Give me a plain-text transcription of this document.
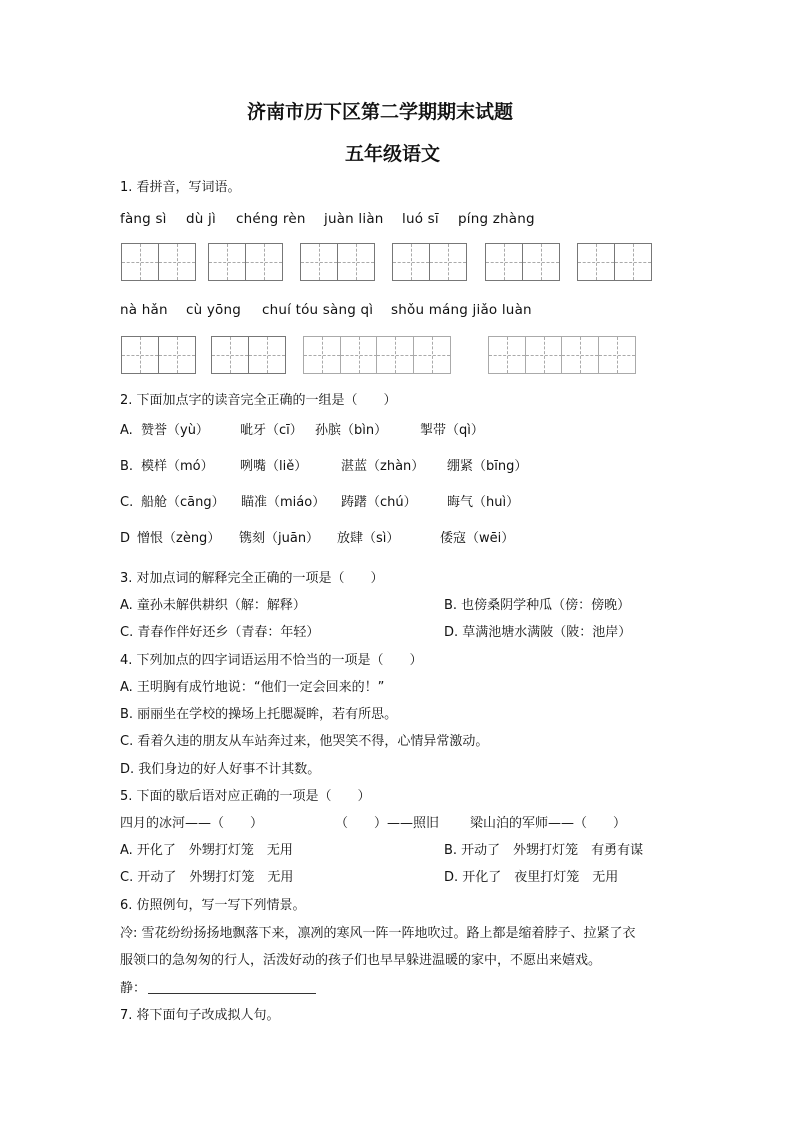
济南市历下区第二学期期末试题
五年级语文
1. 看拼音，写词语。
fàng sì dù jì chéng rèn juàn liàn luó sī píng zhàng
nà hǎn cù yōng chuí tóu sàng qì shǒu máng jiǎo luàn
2. 下面加点字的读音完全正确的一组是（　　）
A. 赞誉（yù） 呲牙（cī） 孙膑（bìn）	掣带（qì）
B. 模样（mó） 咧嘴（liě）	湛蓝（zhàn） 绷紧（bīng）
C. 船舱（cāng） 瞄准（miáo） 踌躇（chú） 晦气（huì）
D 憎恨（zèng） 镌刻（juān） 放肆（sì）	倭寇（wēi）
3. 对加点词的解释完全正确的一项是（　　）
A. 童孙未解供耕织（解：解释）	B. 也傍桑阴学种瓜（傍：傍晚）
C. 青春作伴好还乡（青春：年轻）	D. 草满池塘水满陂（陂：池岸）
4. 下列加点的四字词语运用不恰当的一项是（　　）
A. 王明胸有成竹地说：“他们一定会回来的！”
B. 丽丽坐在学校的操场上托腮凝眸，若有所思。
C. 看着久违的朋友从车站奔过来，他哭笑不得，心情异常激动。
D. 我们身边的好人好事不计其数。
5. 下面的歇后语对应正确的一项是（　　）
四月的冰河——（　　）	（　　）——照旧 梁山泊的军师——（　　）
A. 开化了　外甥打灯笼　无用	B. 开动了　外甥打灯笼　有勇有谋
C. 开动了　外甥打灯笼　无用	D. 开化了　夜里打灯笼　无用
6. 仿照例句，写一写下列情景。
冷: 雪花纷纷扬扬地飘落下来，凛冽的寒风一阵一阵地吹过。路上都是缩着脖子、拉紧了衣
服领口的急匆匆的行人，活泼好动的孩子们也早早躲进温暖的家中，不愿出来嬉戏。
静：
7. 将下面句子改成拟人句。
